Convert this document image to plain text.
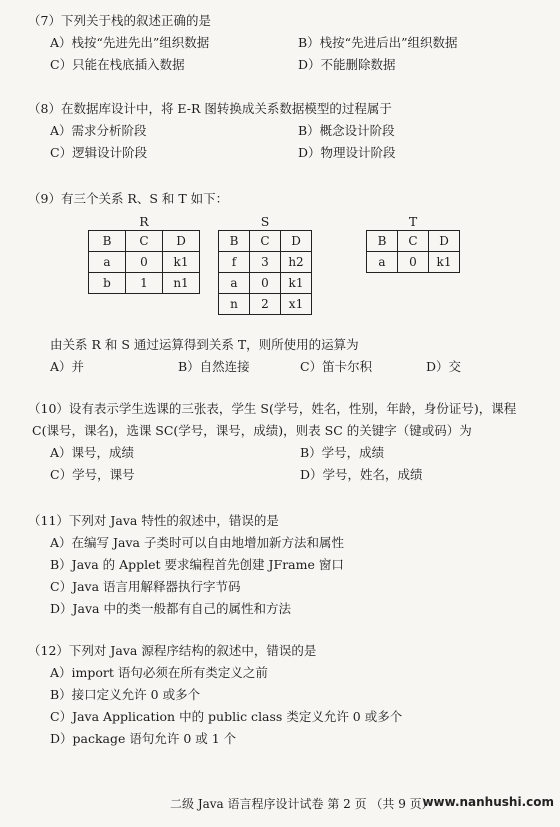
（7）下列关于栈的叙述正确的是
A）栈按“先进先出”组织数据	B）栈按“先进后出”组织数据
C）只能在栈底插入数据	D）不能删除数据
（8）在数据库设计中，将 E-R 图转换成关系数据模型的过程属于
A）需求分析阶段	B）概念设计阶段
C）逻辑设计阶段	D）物理设计阶段
（9）有三个关系 R、S 和 T 如下：
R
B	C	D
a	0	k1
b	1	n1
S
B	C	D
f	3	h2
a	0	k1
n	2	x1
T
B	C	D
a	0	k1
由关系 R 和 S 通过运算得到关系 T，则所使用的运算为
A）并	B）自然连接	C）笛卡尔积	D）交
（10）设有表示学生选课的三张表，学生 S(学号，姓名，性别，年龄，身份证号)，课程
C(课号，课名)，选课 SC(学号，课号，成绩)，则表 SC 的关键字（键或码）为
A）课号，成绩	B）学号，成绩
C）学号，课号	D）学号，姓名，成绩
（11）下列对 Java 特性的叙述中，错误的是
A）在编写 Java 子类时可以自由地增加新方法和属性
B）Java 的 Applet 要求编程首先创建 JFrame 窗口
C）Java 语言用解释器执行字节码
D）Java 中的类一般都有自己的属性和方法
（12）下列对 Java 源程序结构的叙述中，错误的是
A）import 语句必须在所有类定义之前
B）接口定义允许 0 或多个
C）Java Application 中的 public class 类定义允许 0 或多个
D）package 语句允许 0 或 1 个
二级 Java 语言程序设计试卷 第 2 页 （共 9 页）
www.nanhushi.com
